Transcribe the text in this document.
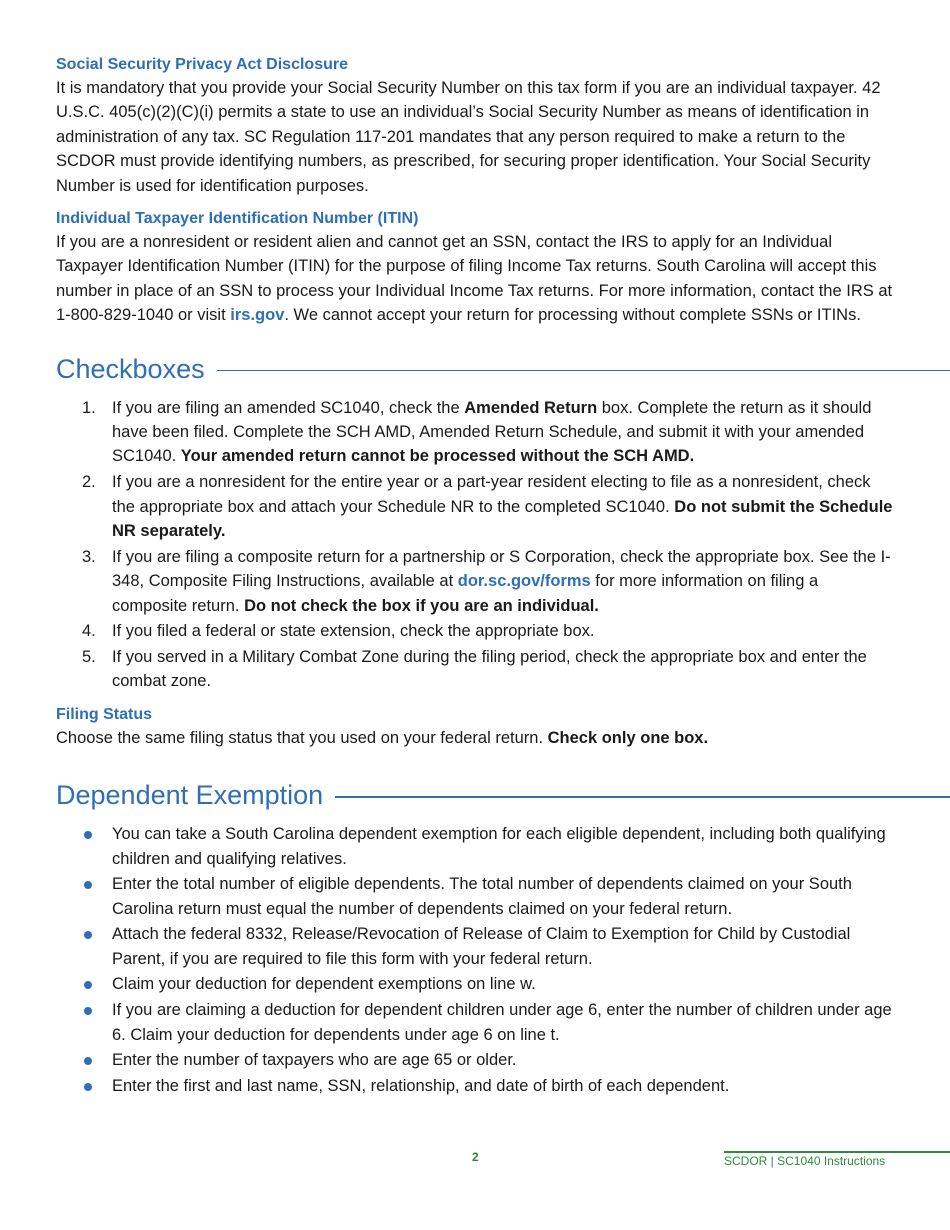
Social Security Privacy Act Disclosure
It is mandatory that you provide your Social Security Number on this tax form if you are an individual taxpayer. 42 U.S.C. 405(c)(2)(C)(i) permits a state to use an individual’s Social Security Number as means of identification in administration of any tax. SC Regulation 117-201 mandates that any person required to make a return to the SCDOR must provide identifying numbers, as prescribed, for securing proper identification. Your Social Security Number is used for identification purposes.
Individual Taxpayer Identification Number (ITIN)
If you are a nonresident or resident alien and cannot get an SSN, contact the IRS to apply for an Individual Taxpayer Identification Number (ITIN) for the purpose of filing Income Tax returns. South Carolina will accept this number in place of an SSN to process your Individual Income Tax returns. For more information, contact the IRS at 1-800-829-1040 or visit irs.gov. We cannot accept your return for processing without complete SSNs or ITINs.
Checkboxes
1. If you are filing an amended SC1040, check the Amended Return box. Complete the return as it should have been filed. Complete the SCH AMD, Amended Return Schedule, and submit it with your amended SC1040. Your amended return cannot be processed without the SCH AMD.
2. If you are a nonresident for the entire year or a part-year resident electing to file as a nonresident, check the appropriate box and attach your Schedule NR to the completed SC1040. Do not submit the Schedule NR separately.
3. If you are filing a composite return for a partnership or S Corporation, check the appropriate box. See the I-348, Composite Filing Instructions, available at dor.sc.gov/forms for more information on filing a composite return. Do not check the box if you are an individual.
4. If you filed a federal or state extension, check the appropriate box.
5. If you served in a Military Combat Zone during the filing period, check the appropriate box and enter the combat zone.
Filing Status
Choose the same filing status that you used on your federal return. Check only one box.
Dependent Exemption
You can take a South Carolina dependent exemption for each eligible dependent, including both qualifying children and qualifying relatives.
Enter the total number of eligible dependents. The total number of dependents claimed on your South Carolina return must equal the number of dependents claimed on your federal return.
Attach the federal 8332, Release/Revocation of Release of Claim to Exemption for Child by Custodial Parent, if you are required to file this form with your federal return.
Claim your deduction for dependent exemptions on line w.
If you are claiming a deduction for dependent children under age 6, enter the number of children under age 6. Claim your deduction for dependents under age 6 on line t.
Enter the number of taxpayers who are age 65 or older.
Enter the first and last name, SSN, relationship, and date of birth of each dependent.
2	SCDOR | SC1040 Instructions
